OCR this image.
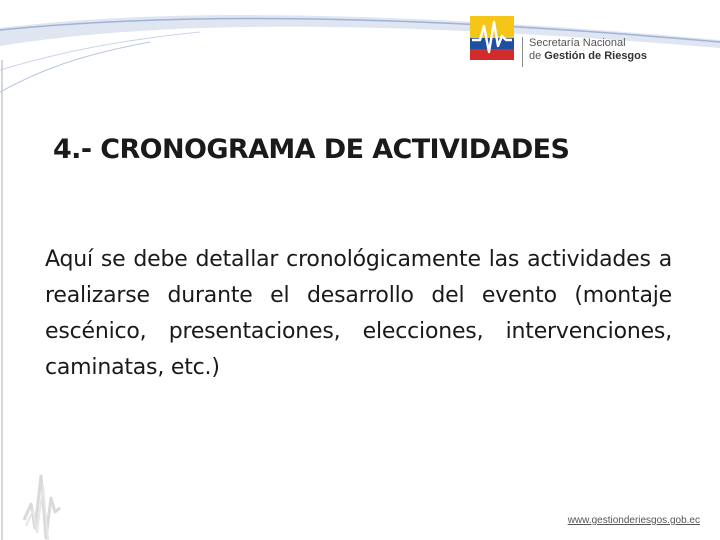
Secretaría Nacional
de Gestión de Riesgos
4.- CRONOGRAMA DE ACTIVIDADES
Aquí se debe detallar cronológicamente las actividades a realizarse durante el desarrollo del evento (montaje escénico, presentaciones, elecciones, intervenciones, caminatas, etc.)
www.gestionderiesgos.gob.ec
